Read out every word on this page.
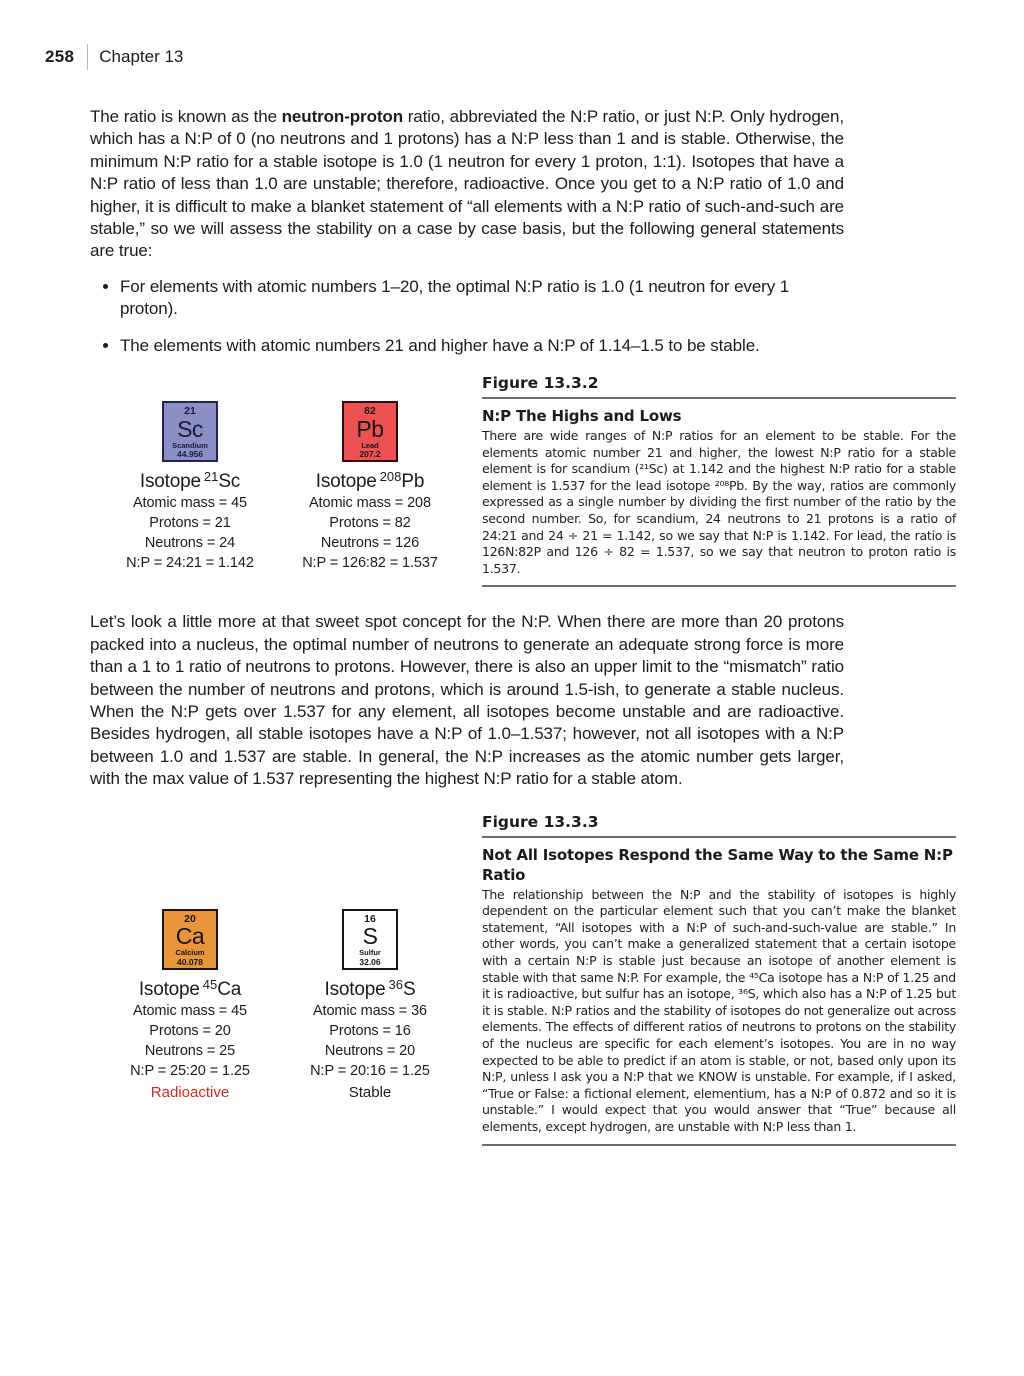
258 Chapter 13

The ratio is known as the neutron-proton ratio, abbreviated the N:P ratio, or just N:P. Only hydrogen, which has a N:P of 0 (no neutrons and 1 protons) has a N:P less than 1 and is stable. Otherwise, the minimum N:P ratio for a stable isotope is 1.0 (1 neutron for every 1 proton, 1:1). Isotopes that have a N:P ratio of less than 1.0 are unstable; therefore, radioactive. Once you get to a N:P ratio of 1.0 and higher, it is difficult to make a blanket statement of “all elements with a N:P ratio of such-and-such are stable,” so we will assess the stability on a case by case basis, but the following general statements are true:

• For elements with atomic numbers 1–20, the optimal N:P ratio is 1.0 (1 neutron for every 1 proton).
• The elements with atomic numbers 21 and higher have a N:P of 1.14–1.5 to be stable.
21
Sc
Scandium
44.956
Isotope $^{21}$Sc
Atomic mass = 45
Protons = 21
Neutrons = 24
N:P = 24:21 = 1.142
82
Pb
Lead
207.2
Isotope $^{208}$Pb
Atomic mass = 208
Protons = 82
Neutrons = 126
N:P = 126:82 = 1.537
Figure 13.3.2
N:P The Highs and Lows

There are wide ranges of N:P ratios for an element to be stable. For the elements atomic number 21 and higher, the lowest N:P ratio for a stable element is for scandium (²¹Sc) at 1.142 and the highest N:P ratio for a stable element is 1.537 for the lead isotope ²⁰⁸Pb. By the way, ratios are commonly expressed as a single number by dividing the first number of the ratio by the second number. So, for scandium, 24 neutrons to 21 protons is a ratio of 24:21 and 24 ÷ 21 = 1.142, so we say that N:P is 1.142. For lead, the ratio is 126N:82P and 126 ÷ 82 = 1.537, so we say that neutron to proton ratio is 1.537.

Let’s look a little more at that sweet spot concept for the N:P. When there are more than 20 protons packed into a nucleus, the optimal number of neutrons to generate an adequate strong force is more than a 1 to 1 ratio of neutrons to protons. However, there is also an upper limit to the “mismatch” ratio between the number of neutrons and protons, which is around 1.5-ish, to generate a stable nucleus. When the N:P gets over 1.537 for any element, all isotopes become unstable and are radioactive. Besides hydrogen, all stable isotopes have a N:P of 1.0–1.537; however, not all isotopes with a N:P between 1.0 and 1.537 are stable. In general, the N:P increases as the atomic number gets larger, with the max value of 1.537 representing the highest N:P ratio for a stable atom.

20
Ca
Calcium
40.078
Isotope $^{45}$Ca
Atomic mass = 45
Protons = 20
Neutrons = 25
N:P = 25:20 = 1.25
Radioactive
16
S
Sulfur
32.06
Isotope $^{36}$S
Atomic mass = 36
Protons = 16
Neutrons = 20
N:P = 20:16 = 1.25
Stable
Figure 13.3.3
Not All Isotopes Respond the Same Way to the Same N:P Ratio

The relationship between the N:P and the stability of isotopes is highly dependent on the particular element such that you can’t make the blanket statement, “All isotopes with a N:P of such-and-such-value are stable.” In other words, you can’t make a generalized statement that a certain isotope with a certain N:P is stable just because an isotope of another element is stable with that same N:P. For example, the ⁴⁵Ca isotope has a N:P of 1.25 and it is radioactive, but sulfur has an isotope, ³⁶S, which also has a N:P of 1.25 but it is stable. N:P ratios and the stability of isotopes do not generalize out across elements. The effects of different ratios of neutrons to protons on the stability of the nucleus are specific for each element’s isotopes. You are in no way expected to be able to predict if an atom is stable, or not, based only upon its N:P, unless I ask you a N:P that we KNOW is unstable. For example, if I asked, “True or False: a fictional element, elementium, has a N:P of 0.872 and so it is unstable.” I would expect that you would answer that “True” because all elements, except hydrogen, are unstable with N:P less than 1.
